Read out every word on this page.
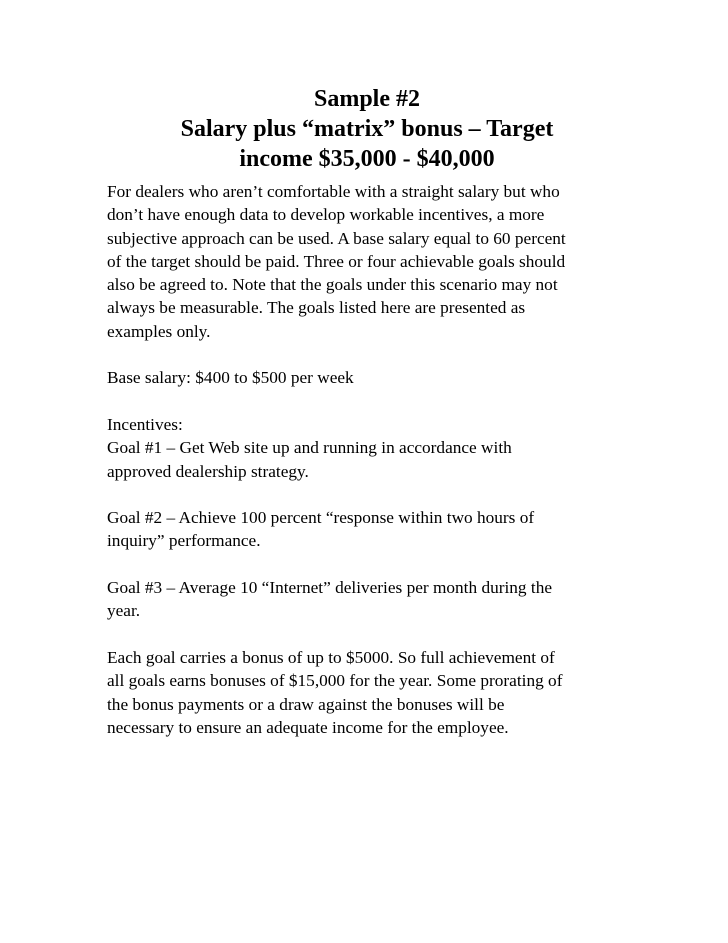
Sample #2
Salary plus “matrix” bonus – Target
income $35,000 - $40,000
For dealers who aren’t comfortable with a straight salary but who
don’t have enough data to develop workable incentives, a more
subjective approach can be used. A base salary equal to 60 percent
of the target should be paid. Three or four achievable goals should
also be agreed to. Note that the goals under this scenario may not
always be measurable. The goals listed here are presented as
examples only.
Base salary: $400 to $500 per week
Incentives:
Goal #1 – Get Web site up and running in accordance with
approved dealership strategy.
Goal #2 – Achieve 100 percent “response within two hours of
inquiry” performance.
Goal #3 – Average 10 “Internet” deliveries per month during the
year.
Each goal carries a bonus of up to $5000. So full achievement of
all goals earns bonuses of $15,000 for the year. Some prorating of
the bonus payments or a draw against the bonuses will be
necessary to ensure an adequate income for the employee.
